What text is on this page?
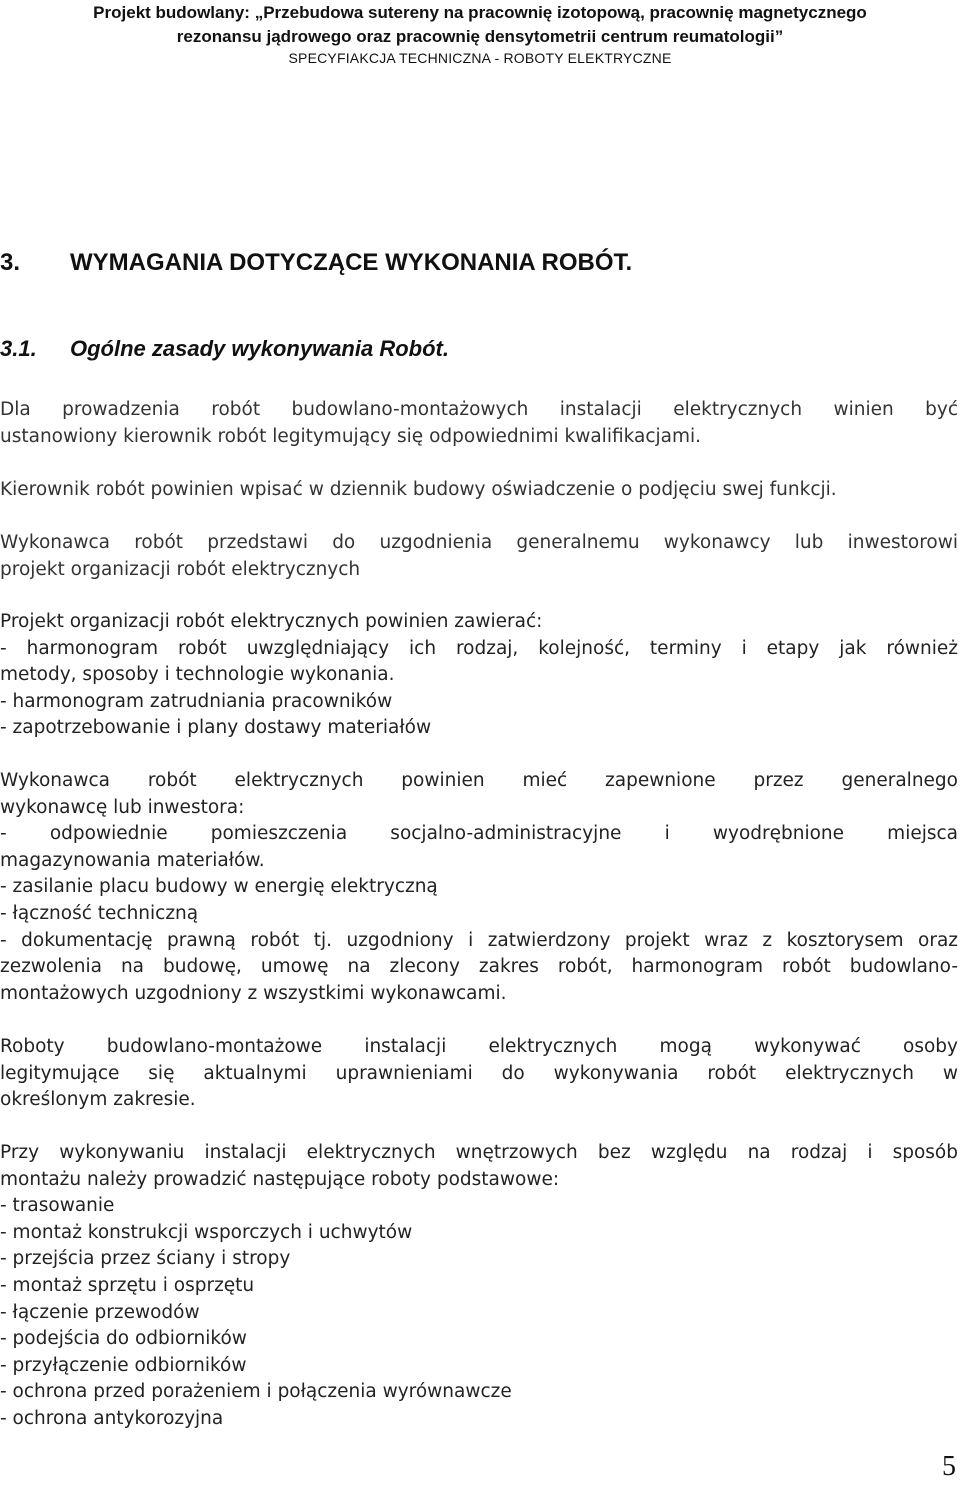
Projekt budowlany: „Przebudowa sutereny na pracownię izotopową, pracownię magnetycznego
rezonansu jądrowego oraz pracownię densytometrii centrum reumatologii”
SPECYFIAKCJA TECHNICZNA - ROBOTY ELEKTRYCZNE
3. WYMAGANIA DOTYCZĄCE WYKONANIA ROBÓT.
3.1. Ogólne zasady wykonywania Robót.

Dla prowadzenia robót budowlano-montażowych instalacji elektrycznych winien być

ustanowiony kierownik robót legitymujący się odpowiednimi kwalifikacjami.

Kierownik robót powinien wpisać w dziennik budowy oświadczenie o podjęciu swej funkcji.

Wykonawca robót przedstawi do uzgodnienia generalnemu wykonawcy lub inwestorowi

projekt organizacji robót elektrycznych

Projekt organizacji robót elektrycznych powinien zawierać:

- harmonogram robót uwzględniający ich rodzaj, kolejność, terminy i etapy jak również

metody, sposoby i technologie wykonania.

- harmonogram zatrudniania pracowników

- zapotrzebowanie i plany dostawy materiałów

Wykonawca robót elektrycznych powinien mieć zapewnione przez generalnego

wykonawcę lub inwestora:

- odpowiednie pomieszczenia socjalno-administracyjne i wyodrębnione miejsca

magazynowania materiałów.

- zasilanie placu budowy w energię elektryczną

- łączność techniczną

- dokumentację prawną robót tj. uzgodniony i zatwierdzony projekt wraz z kosztorysem oraz

zezwolenia na budowę, umowę na zlecony zakres robót, harmonogram robót budowlano-

montażowych uzgodniony z wszystkimi wykonawcami.

Roboty budowlano-montażowe instalacji elektrycznych mogą wykonywać osoby

legitymujące się aktualnymi uprawnieniami do wykonywania robót elektrycznych w

określonym zakresie.

Przy wykonywaniu instalacji elektrycznych wnętrzowych bez względu na rodzaj i sposób

montażu należy prowadzić następujące roboty podstawowe:

- trasowanie

- montaż konstrukcji wsporczych i uchwytów

- przejścia przez ściany i stropy

- montaż sprzętu i osprzętu

- łączenie przewodów

- podejścia do odbiorników

- przyłączenie odbiorników

- ochrona przed porażeniem i połączenia wyrównawcze

- ochrona antykorozyjna

5
